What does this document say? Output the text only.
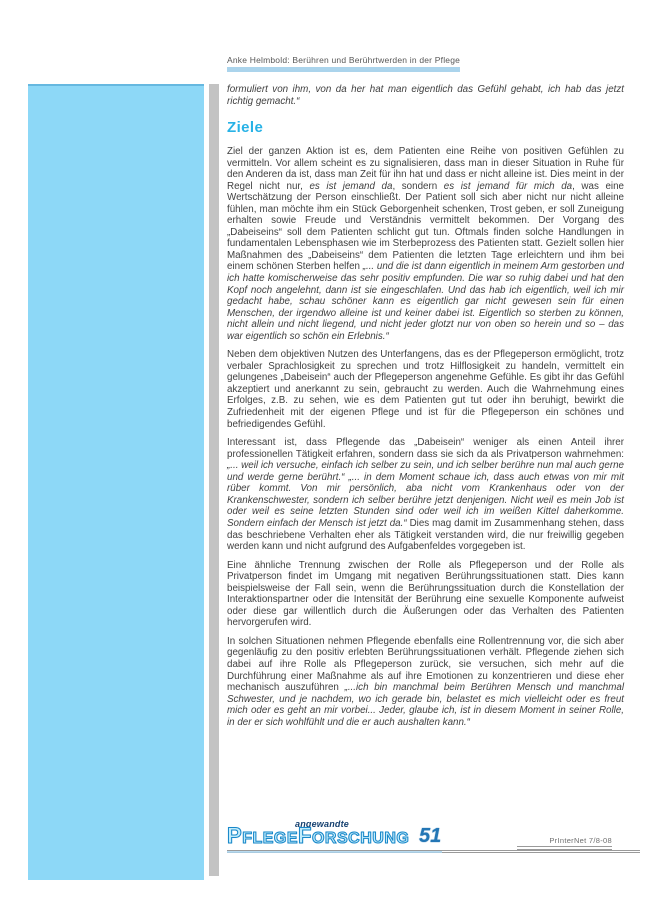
Anke Helmbold: Berühren und Berührtwerden in der Pflege

formuliert von ihm, von da her hat man eigentlich das Gefühl gehabt, ich hab das jetzt richtig gemacht.“

Ziele

Ziel der ganzen Aktion ist es, dem Patienten eine Reihe von positiven Gefühlen zu vermitteln. Vor allem scheint es zu signalisieren, dass man in dieser Situation in Ruhe für den Anderen da ist, dass man Zeit für ihn hat und dass er nicht alleine ist. Dies meint in der Regel nicht nur, es ist jemand da, sondern es ist jemand für mich da, was eine Wertschätzung der Person einschließt. Der Patient soll sich aber nicht nur nicht alleine fühlen, man möchte ihm ein Stück Geborgenheit schenken, Trost geben, er soll Zuneigung erhalten sowie Freude und Verständnis vermittelt bekommen. Der Vorgang des „Dabeiseins“ soll dem Patienten schlicht gut tun. Oftmals finden solche Handlungen in fundamentalen Lebensphasen wie im Sterbeprozess des Patienten statt. Gezielt sollen hier Maßnahmen des „Dabeiseins“ dem Patienten die letzten Tage erleichtern und ihm bei einem schönen Sterben helfen „... und die ist dann eigentlich in meinem Arm gestorben und ich hatte komischerweise das sehr positiv empfunden. Die war so ruhig dabei und hat den Kopf noch angelehnt, dann ist sie eingeschlafen. Und das hab ich eigentlich, weil ich mir gedacht habe, schau schöner kann es eigentlich gar nicht gewesen sein für einen Menschen, der irgendwo alleine ist und keiner dabei ist. Eigentlich so sterben zu können, nicht allein und nicht liegend, und nicht jeder glotzt nur von oben so herein und so – das war eigentlich so schön ein Erlebnis.“

Neben dem objektiven Nutzen des Unterfangens, das es der Pflegeperson ermöglicht, trotz verbaler Sprachlosigkeit zu sprechen und trotz Hilflosigkeit zu handeln, vermittelt ein gelungenes „Dabeisein“ auch der Pflegeperson angenehme Gefühle. Es gibt ihr das Gefühl akzeptiert und anerkannt zu sein, gebraucht zu werden. Auch die Wahrnehmung eines Erfolges, z.B. zu sehen, wie es dem Patienten gut tut oder ihn beruhigt, bewirkt die Zufriedenheit mit der eigenen Pflege und ist für die Pflegeperson ein schönes und befriedigendes Gefühl.

Interessant ist, dass Pflegende das „Dabeisein“ weniger als einen Anteil ihrer professionellen Tätigkeit erfahren, sondern dass sie sich da als Privatperson wahrnehmen: „... weil ich versuche, einfach ich selber zu sein, und ich selber berühre nun mal auch gerne und werde gerne berührt.“ „... in dem Moment schaue ich, dass auch etwas von mir mit rüber kommt. Von mir persönlich, aba nicht vom Krankenhaus oder von der Krankenschwester, sondern ich selber berühre jetzt denjenigen. Nicht weil es mein Job ist oder weil es seine letzten Stunden sind oder weil ich im weißen Kittel daherkomme. Sondern einfach der Mensch ist jetzt da.“ Dies mag damit im Zusammenhang stehen, dass das beschriebene Verhalten eher als Tätigkeit verstanden wird, die nur freiwillig gegeben werden kann und nicht aufgrund des Aufgabenfeldes vorgegeben ist.

Eine ähnliche Trennung zwischen der Rolle als Pflegeperson und der Rolle als Privatperson findet im Umgang mit negativen Berührungssituationen statt. Dies kann beispielsweise der Fall sein, wenn die Berührungssituation durch die Konstellation der Interaktionspartner oder die Intensität der Berührung eine sexuelle Komponente aufweist oder diese gar willentlich durch die Äußerungen oder das Verhalten des Patienten hervorgerufen wird.

In solchen Situationen nehmen Pflegende ebenfalls eine Rollentrennung vor, die sich aber gegenläufig zu den positiv erlebten Berührungssituationen verhält. Pflegende ziehen sich dabei auf ihre Rolle als Pflegeperson zurück, sie versuchen, sich mehr auf die Durchführung einer Maßnahme als auf ihre Emotionen zu konzentrieren und diese eher mechanisch auszuführen „...ich bin manchmal beim Berühren Mensch und manchmal Schwester, und je nachdem, wo ich gerade bin, belastet es mich vielleicht oder es freut mich oder es geht an mir vorbei... Jeder, glaube ich, ist in diesem Moment in seiner Rolle, in der er sich wohlfühlt und die er auch aushalten kann.“

angewandte
PFLEGEFORSCHUNG 51	PrInterNet 7/8-08
